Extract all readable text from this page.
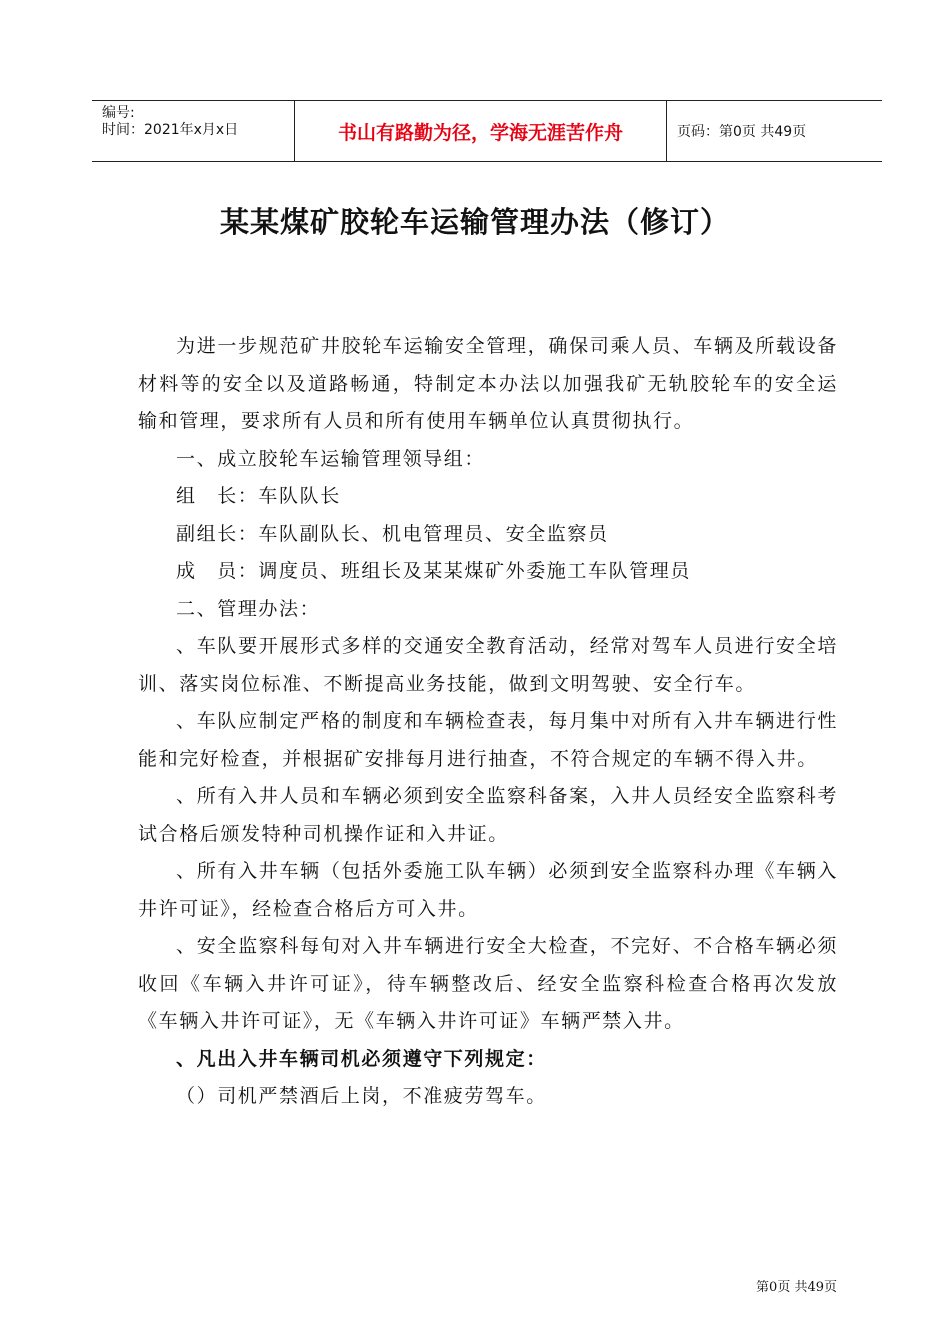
编号:
时间：2021年x月x日	书山有路勤为径，学海无涯苦作舟	页码：第0页 共49页
某某煤矿胶轮车运输管理办法（修订）

为进一步规范矿井胶轮车运输安全管理，确保司乘人员、车辆及所载设备材料等的安全以及道路畅通，特制定本办法以加强我矿无轨胶轮车的安全运输和管理，要求所有人员和所有使用车辆单位认真贯彻执行。

一、成立胶轮车运输管理领导组：

组　长：车队队长

副组长：车队副队长、机电管理员、安全监察员

成　员：调度员、班组长及某某煤矿外委施工车队管理员

二、管理办法：

、车队要开展形式多样的交通安全教育活动，经常对驾车人员进行安全培训、落实岗位标准、不断提高业务技能，做到文明驾驶、安全行车。

、车队应制定严格的制度和车辆检查表，每月集中对所有入井车辆进行性能和完好检查，并根据矿安排每月进行抽查，不符合规定的车辆不得入井。

、所有入井人员和车辆必须到安全监察科备案，入井人员经安全监察科考试合格后颁发特种司机操作证和入井证。

、所有入井车辆（包括外委施工队车辆）必须到安全监察科办理《车辆入井许可证》，经检查合格后方可入井。

、安全监察科每旬对入井车辆进行安全大检查，不完好、不合格车辆必须收回《车辆入井许可证》，待车辆整改后、经安全监察科检查合格再次发放《车辆入井许可证》，无《车辆入井许可证》车辆严禁入井。

、凡出入井车辆司机必须遵守下列规定：

（）司机严禁酒后上岗，不准疲劳驾车。

第0页 共49页
